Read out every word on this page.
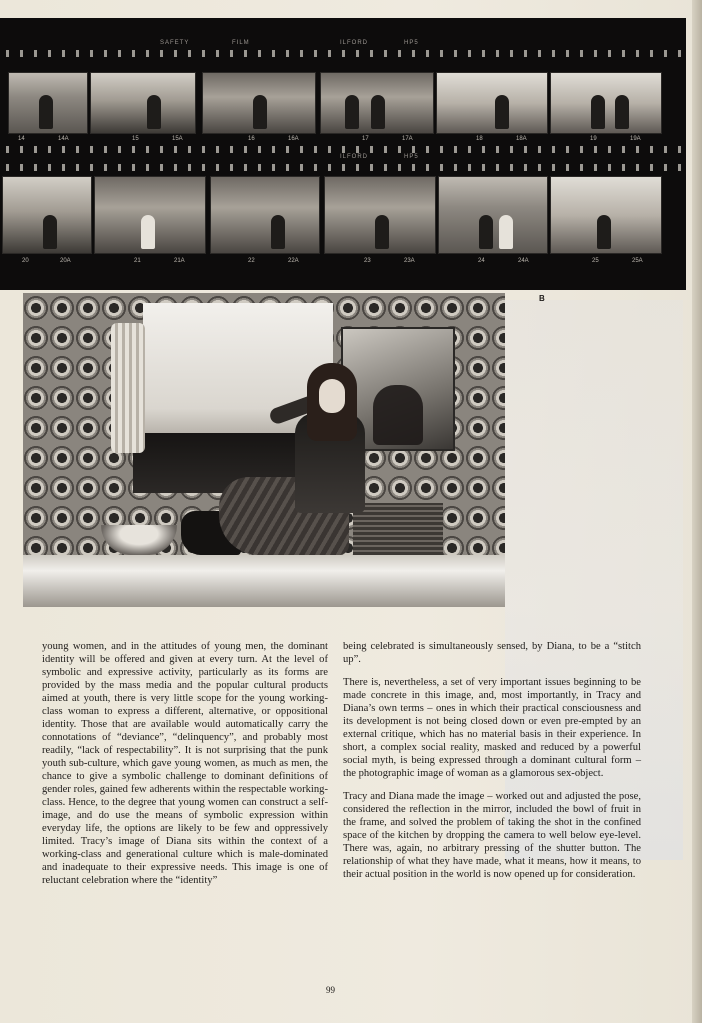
SAFETY	FILM	ILFORD	HP5
14	14A	15	15A	16	16A	17	17A	18	18A	19	19A
ILFORD	HP5
20	20A	21	21A	22	22A	23	23A	24	24A	25	25A
B

young women, and in the attitudes of young men, the dominant identity will be offered and given at every turn. At the level of symbolic and expressive activity, particularly as its forms are provided by the mass media and the popular cultural products aimed at youth, there is very little scope for the young working-class woman to express a different, alternative, or oppositional identity. Those that are available would automatically carry the connotations of “deviance”, “delinquency”, and probably most readily, “lack of respectability”. It is not surprising that the punk youth sub-culture, which gave young women, as much as men, the chance to give a symbolic challenge to dominant definitions of gender roles, gained few adherents within the respectable working-class. Hence, to the degree that young women can construct a self-image, and do use the means of symbolic expression within everyday life, the options are likely to be few and oppressively limited. Tracy’s image of Diana sits within the context of a working-class and generational culture which is male-dominated and inadequate to their expressive needs. This image is one of reluctant celebration where the “identity”

being celebrated is simultaneously sensed, by Diana, to be a “stitch up”.

There is, nevertheless, a set of very important issues beginning to be made concrete in this image, and, most importantly, in Tracy and Diana’s own terms – ones in which their practical consciousness and its development is not being closed down or even pre-empted by an external critique, which has no material basis in their experience. In short, a complex social reality, masked and reduced by a powerful social myth, is being expressed through a dominant cultural form – the photographic image of woman as a glamorous sex-object.

Tracy and Diana made the image – worked out and adjusted the pose, considered the reflection in the mirror, included the bowl of fruit in the frame, and solved the problem of taking the shot in the confined space of the kitchen by dropping the camera to well below eye-level. There was, again, no arbitrary pressing of the shutter button. The relationship of what they have made, what it means, how it means, to their actual position in the world is now opened up for consideration.

99
